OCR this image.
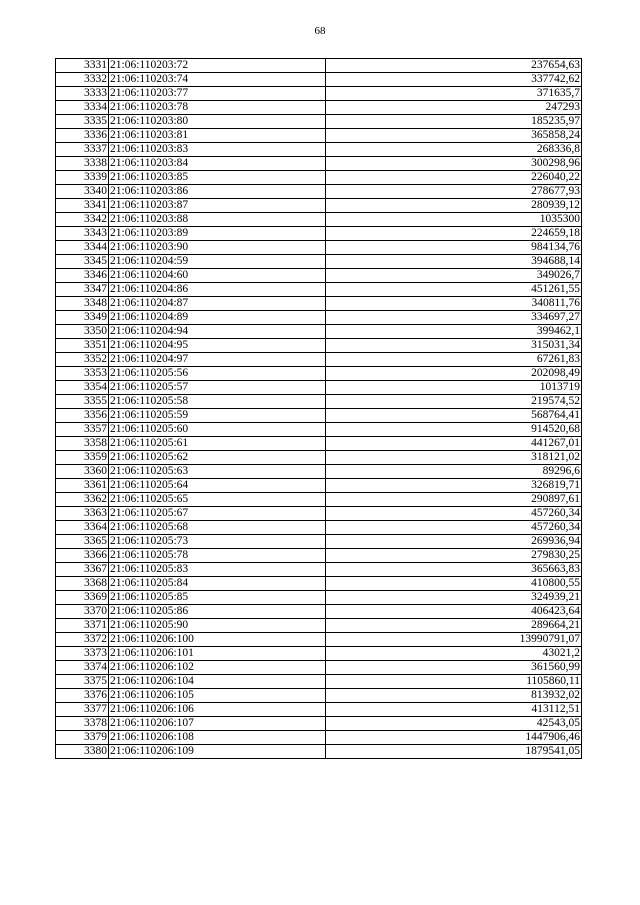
68
3331	21:06:110203:72	237654,63
3332	21:06:110203:74	337742,62
3333	21:06:110203:77	371635,7
3334	21:06:110203:78	247293
3335	21:06:110203:80	185235,97
3336	21:06:110203:81	365858,24
3337	21:06:110203:83	268336,8
3338	21:06:110203:84	300298,96
3339	21:06:110203:85	226040,22
3340	21:06:110203:86	278677,93
3341	21:06:110203:87	280939,12
3342	21:06:110203:88	1035300
3343	21:06:110203:89	224659,18
3344	21:06:110203:90	984134,76
3345	21:06:110204:59	394688,14
3346	21:06:110204:60	349026,7
3347	21:06:110204:86	451261,55
3348	21:06:110204:87	340811,76
3349	21:06:110204:89	334697,27
3350	21:06:110204:94	399462,1
3351	21:06:110204:95	315031,34
3352	21:06:110204:97	67261,83
3353	21:06:110205:56	202098,49
3354	21:06:110205:57	1013719
3355	21:06:110205:58	219574,52
3356	21:06:110205:59	568764,41
3357	21:06:110205:60	914520,68
3358	21:06:110205:61	441267,01
3359	21:06:110205:62	318121,02
3360	21:06:110205:63	89296,6
3361	21:06:110205:64	326819,71
3362	21:06:110205:65	290897,61
3363	21:06:110205:67	457260,34
3364	21:06:110205:68	457260,34
3365	21:06:110205:73	269936,94
3366	21:06:110205:78	279830,25
3367	21:06:110205:83	365663,83
3368	21:06:110205:84	410800,55
3369	21:06:110205:85	324939,21
3370	21:06:110205:86	406423,64
3371	21:06:110205:90	289664,21
3372	21:06:110206:100	13990791,07
3373	21:06:110206:101	43021,2
3374	21:06:110206:102	361560,99
3375	21:06:110206:104	1105860,11
3376	21:06:110206:105	813932,02
3377	21:06:110206:106	413112,51
3378	21:06:110206:107	42543,05
3379	21:06:110206:108	1447906,46
3380	21:06:110206:109	1879541,05
